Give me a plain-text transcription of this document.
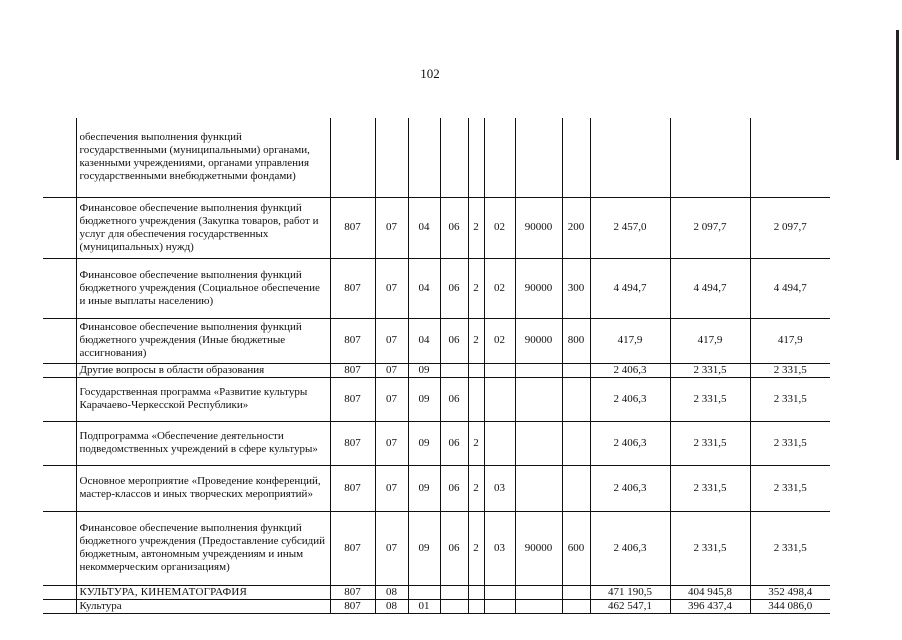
102
	обеспечения выполнения функций государственными (муниципальными) органами, казенными учреждениями, органами управления государственными внебюджетными фондами)											
	Финансовое обеспечение выполнения функций бюджетного учреждения (Закупка товаров, работ и услуг для обеспечения государственных (муниципальных) нужд)	807	07	04	06	2	02	90000	200	2 457,0	2 097,7	2 097,7
	Финансовое обеспечение выполнения функций бюджетного учреждения (Социальное обеспечение и иные выплаты населению)	807	07	04	06	2	02	90000	300	4 494,7	4 494,7	4 494,7
	Финансовое обеспечение выполнения функций бюджетного учреждения (Иные бюджетные ассигнования)	807	07	04	06	2	02	90000	800	417,9	417,9	417,9
	Другие вопросы в области образования	807	07	09						2 406,3	2 331,5	2 331,5
	Государственная программа «Развитие культуры Карачаево-Черкесской Республики»	807	07	09	06					2 406,3	2 331,5	2 331,5
	Подпрограмма «Обеспечение деятельности подведомственных учреждений в сфере культуры»	807	07	09	06	2				2 406,3	2 331,5	2 331,5
	Основное мероприятие «Проведение конференций, мастер-классов и иных творческих мероприятий»	807	07	09	06	2	03			2 406,3	2 331,5	2 331,5
	Финансовое обеспечение выполнения функций бюджетного учреждения (Предоставление субсидий бюджетным, автономным учреждениям и иным некоммерческим организациям)	807	07	09	06	2	03	90000	600	2 406,3	2 331,5	2 331,5
	КУЛЬТУРА, КИНЕМАТОГРАФИЯ	807	08							471 190,5	404 945,8	352 498,4
	Культура	807	08	01						462 547,1	396 437,4	344 086,0
